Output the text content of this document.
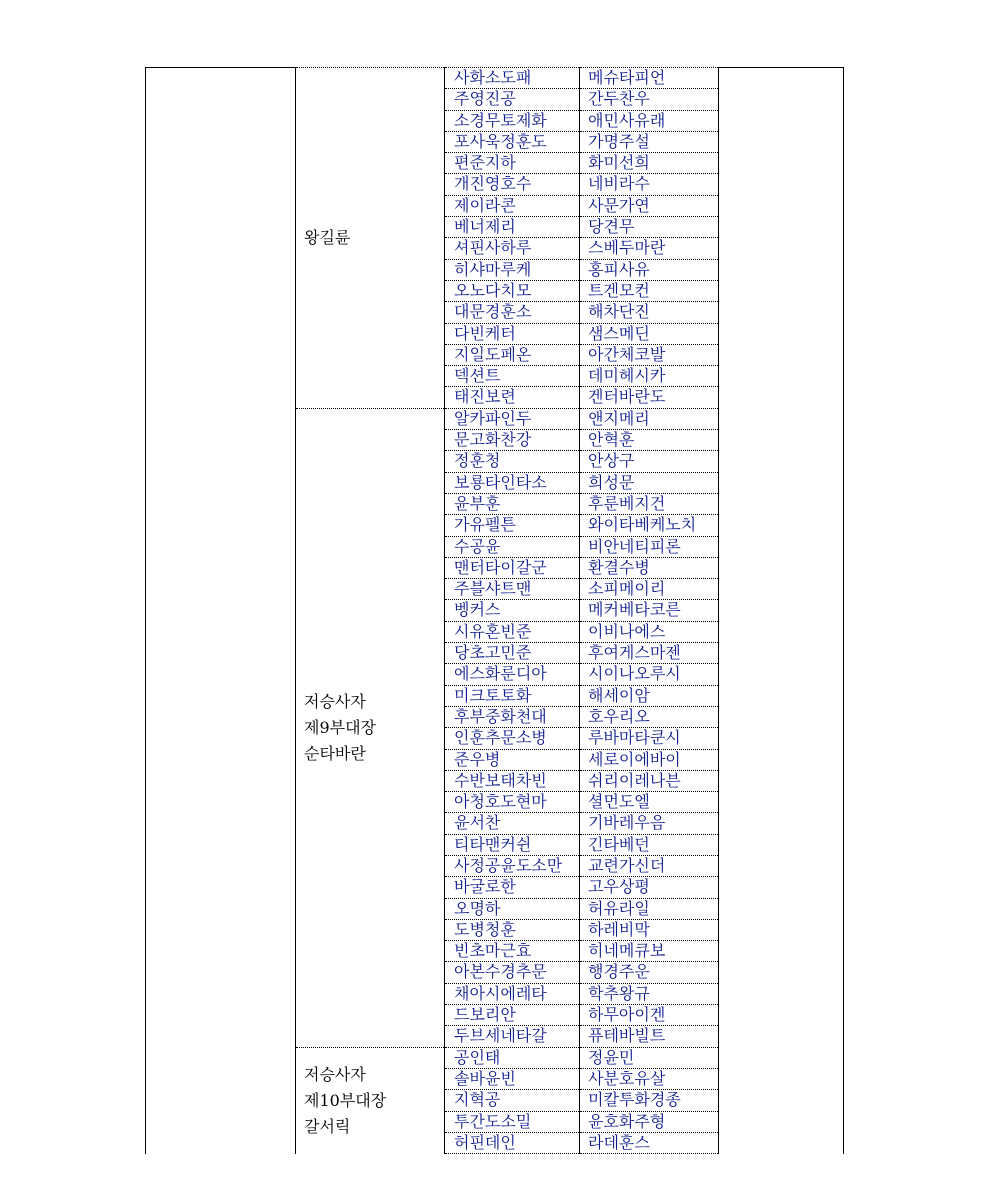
	왕길륜	사화소도패	메슈타피언	

		주영진공	간두찬우	

		소경무토제화	애민사유래	

		포사욱정훈도	가명주설	

		편준지하	화미선희	

		개진영호수	네비라수	

		제이라콘	사문가연	

		베너제리	당견무	

		셔핀사하루	스베두마란	

		히샤마루케	홍피사유	

		오노다치모	트겐모컨	

		대문경훈소	해차단진	

		다빈케터	샘스메딘	

		지일도페온	아간체코발	

		덱션트	데미헤시카	

		태진보련	겐터바란도	

	저승사자
제9부대장
순타바란	알카파인두	앤지메리	

		문고화찬강	안혁훈	

		정훈청	안상구	

		보룡타인타소	희성문	

		윤부훈	후룬베지건	

		가유펠튼	와이타베케노치	

		수공윤	비안네티피론	

		맨터타이갈군	환결수병	

		주블샤트맨	소피메이리	

		벵커스	메커베타코른	

		시유혼빈준	이비나에스	

		당초고민준	후여게스마젠	

		에스화룬디아	시이나오루시	

		미크토토화	해세이암	

		후부중화천대	호우리오	

		인훈추문소병	루바마타쿤시	

		준우병	세로이에바이	

		수반보태차빈	쉬리이레나븐	

		아청호도현마	셜먼도엘	

		윤서찬	기바레우음	

		티타맨커쉰	긴타베던	

		사정공윤도소만	교련가신더	

		바굴로한	고우상평	

		오명하	허유라일	

		도병청훈	하레비막	

		빈초마근효	히네메큐보	

		아본수경추문	행경주운	

		채아시에레타	학추왕규	

		드보리안	하무아이겐	

		두브세네타갈	퓨테바빌트	

	저승사자
제10부대장
갈서릭	공인태	정윤민	

		솔바윤빈	사분호유살	

		지혁공	미칼투화경종	

		투간도소밀	윤호화주형	

		허핀데인	라데훈스	
